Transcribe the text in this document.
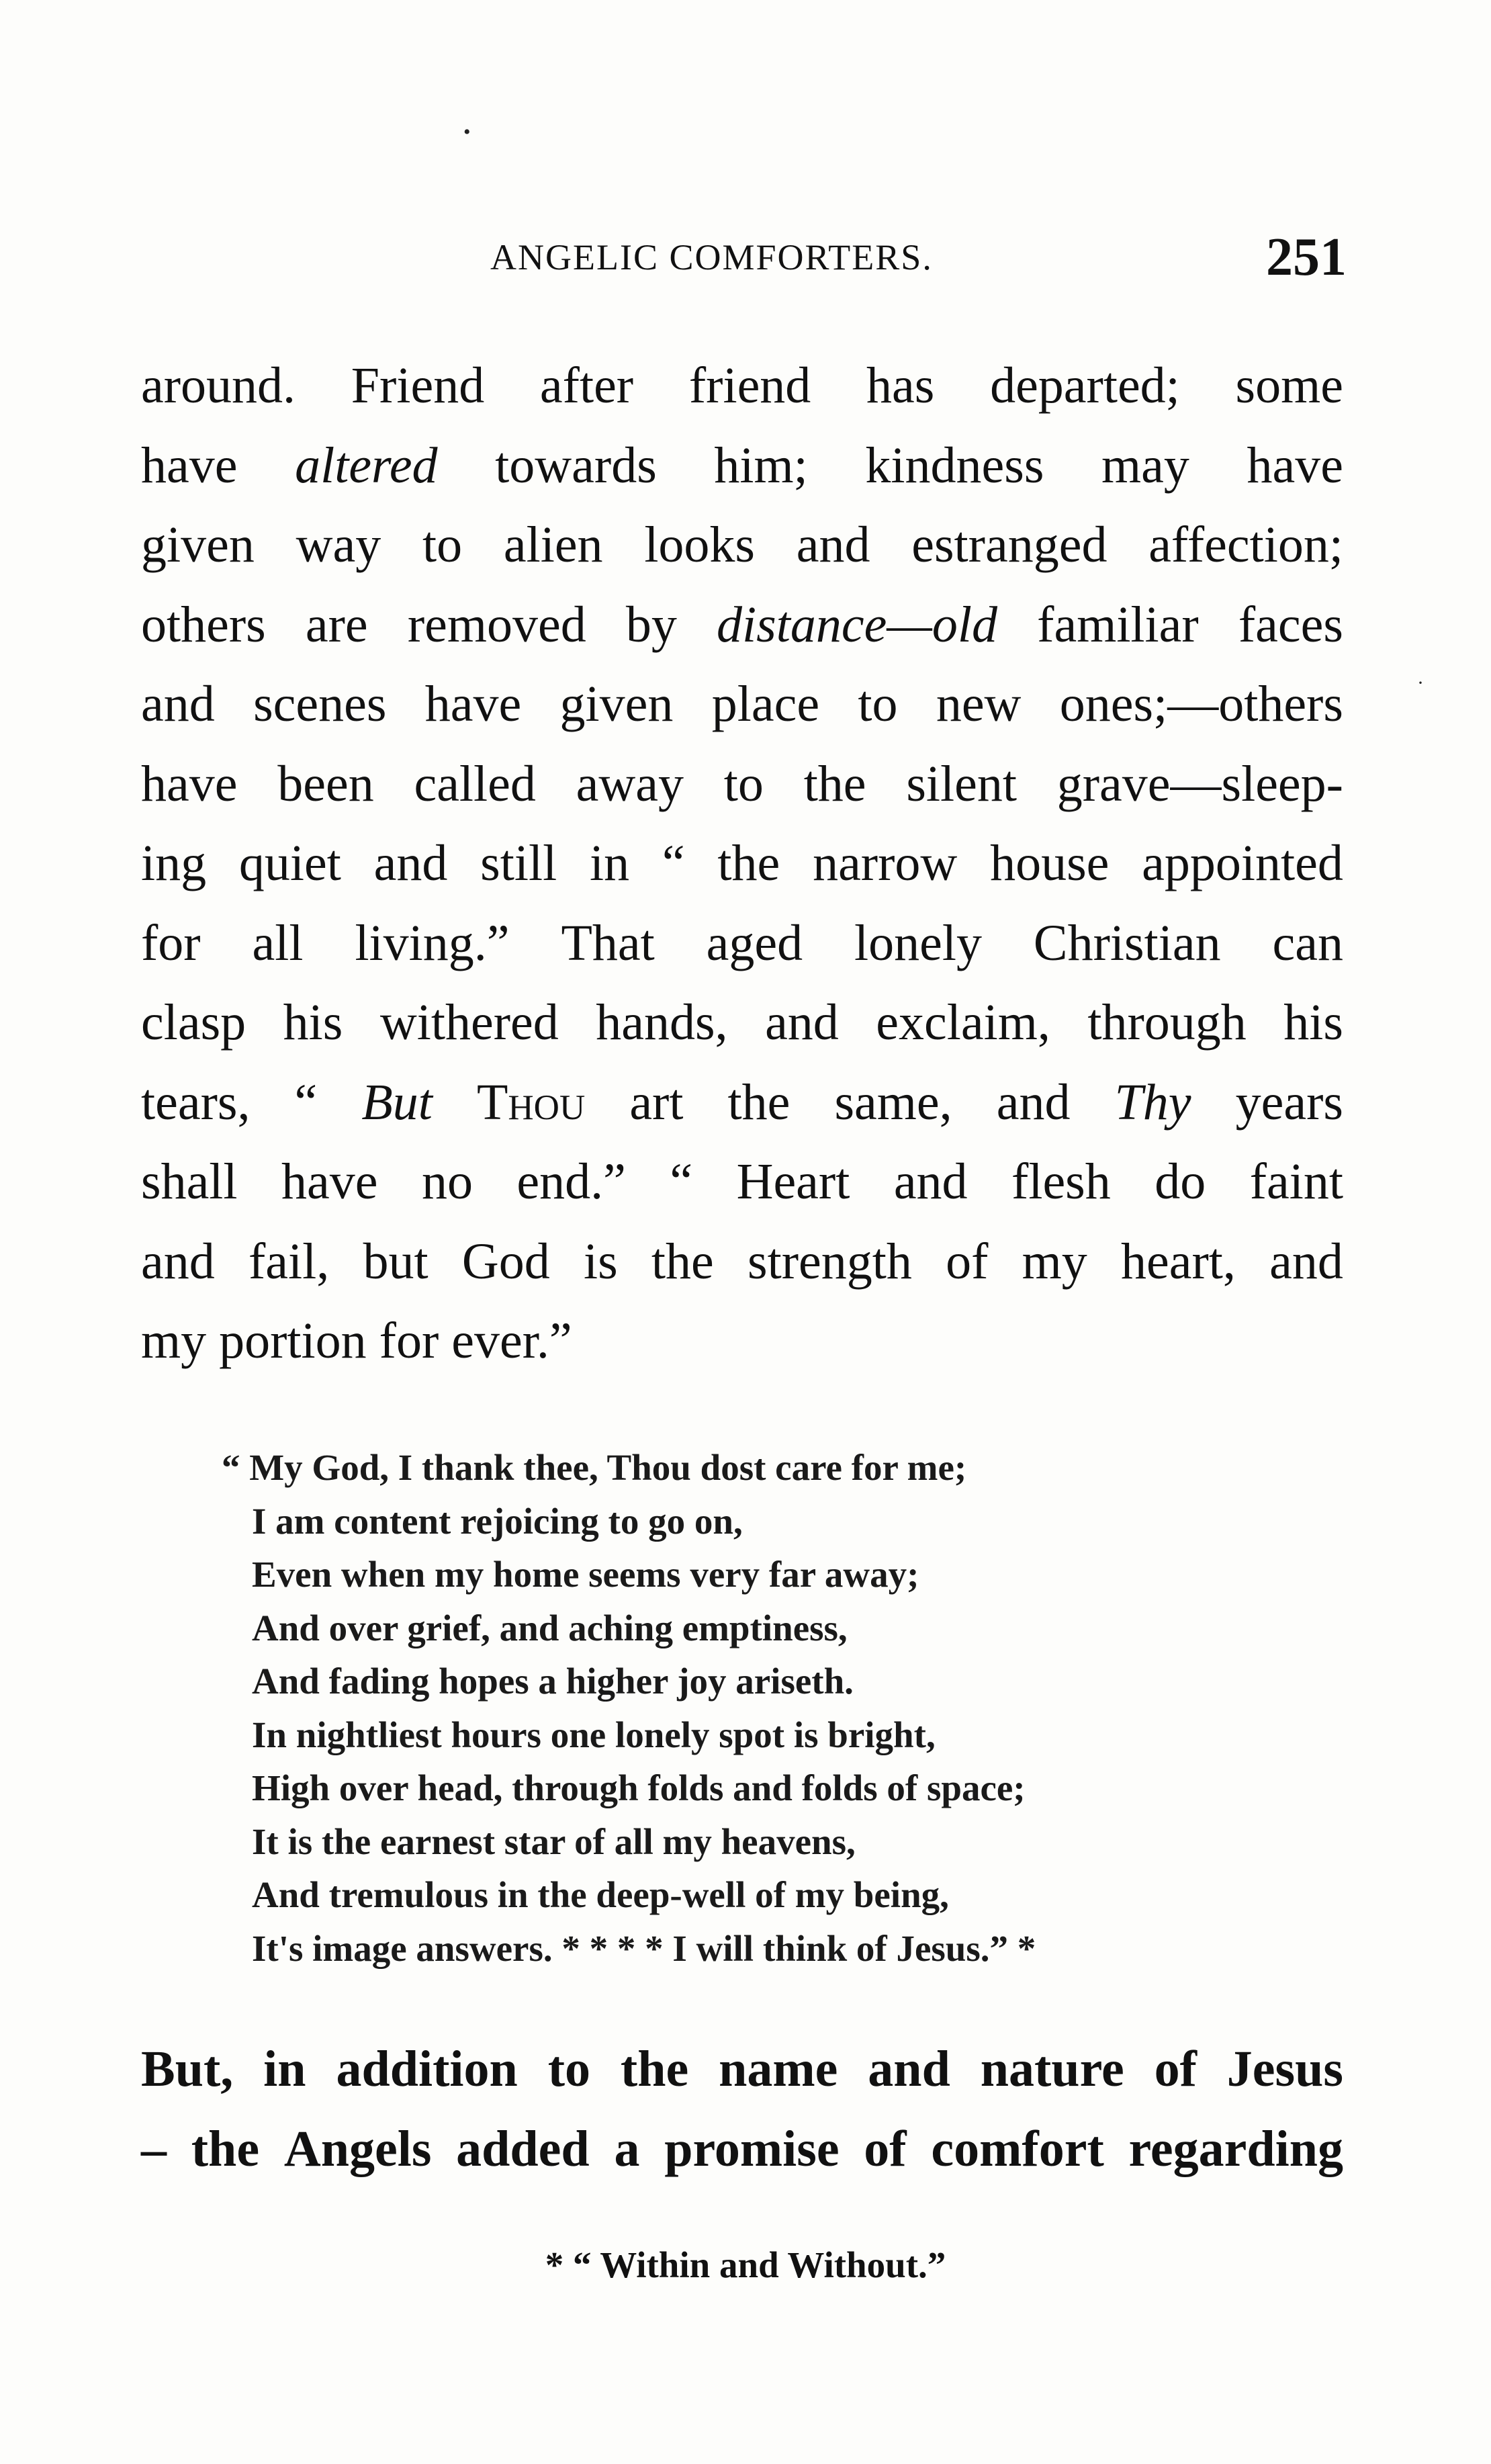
•
·
ANGELIC COMFORTERS.	251
around. Friend after friend has departed; some
have altered towards him; kindness may have
given way to alien looks and estranged affection;
others are removed by distance—old familiar faces
and scenes have given place to new ones;—others
have been called away to the silent grave—sleep-
ing quiet and still in “ the narrow house appointed
for all living.” That aged lonely Christian can
clasp his withered hands, and exclaim, through his
tears, “ But Thou art the same, and Thy years
shall have no end.” “ Heart and flesh do faint
and fail, but God is the strength of my heart, and
my portion for ever.”
“ My God, I thank thee, Thou dost care for me;
I am content rejoicing to go on,
Even when my home seems very far away;
And over grief, and aching emptiness,
And fading hopes a higher joy ariseth.
In nightliest hours one lonely spot is bright,
High over head, through folds and folds of space;
It is the earnest star of all my heavens,
And tremulous in the deep-well of my being,
It's image answers. * * * * I will think of Jesus.” *
But, in addition to the name and nature of Jesus
– the Angels added a promise of comfort regarding
* “ Within and Without.”
